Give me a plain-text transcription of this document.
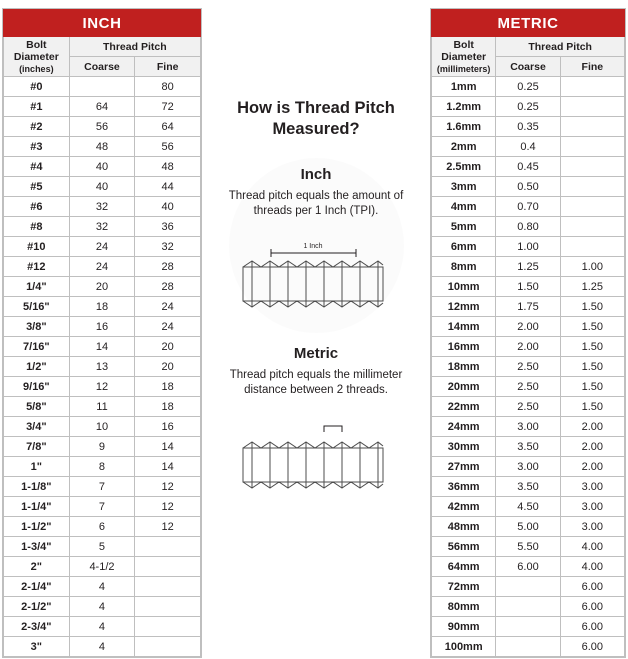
INCH		
Bolt Diameter
(inches)	Thread Pitch	
	Coarse	Fine
#0		80
#1	64	72
#2	56	64
#3	48	56
#4	40	48
#5	40	44
#6	32	40
#8	32	36
#10	24	32
#12	24	28
1/4"	20	28
5/16"	18	24
3/8"	16	24
7/16"	14	20
1/2"	13	20
9/16"	12	18
5/8"	11	18
3/4"	10	16
7/8"	9	14
1"	8	14
1-1/8"	7	12
1-1/4"	7	12
1-1/2"	6	12
1-3/4"	5	
2"	4-1/2	
2-1/4"	4	
2-1/2"	4	
2-3/4"	4	
3"	4	
How is Thread Pitch Measured?
Inch

Thread pitch equals the amount of threads per 1 Inch (TPI).

1 Inch
Metric

Thread pitch equals the millimeter distance between 2 threads.

METRIC		
Bolt Diameter
(millimeters)	Thread Pitch	
	Coarse	Fine
1mm	0.25	
1.2mm	0.25	
1.6mm	0.35	
2mm	0.4	
2.5mm	0.45	
3mm	0.50	
4mm	0.70	
5mm	0.80	
6mm	1.00	
8mm	1.25	1.00
10mm	1.50	1.25
12mm	1.75	1.50
14mm	2.00	1.50
16mm	2.00	1.50
18mm	2.50	1.50
20mm	2.50	1.50
22mm	2.50	1.50
24mm	3.00	2.00
30mm	3.50	2.00
27mm	3.00	2.00
36mm	3.50	3.00
42mm	4.50	3.00
48mm	5.00	3.00
56mm	5.50	4.00
64mm	6.00	4.00
72mm		6.00
80mm		6.00
90mm		6.00
100mm		6.00
